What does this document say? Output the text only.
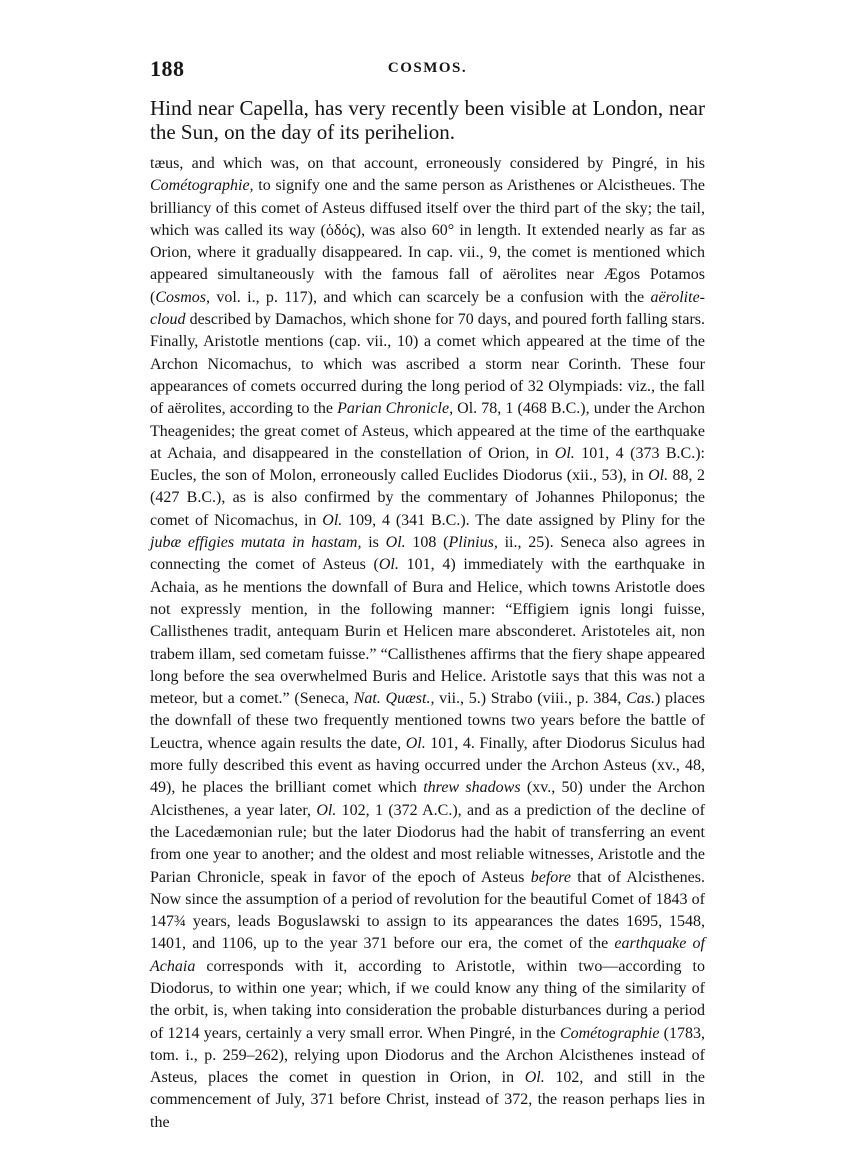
188	COSMOS.

Hind near Capella, has very recently been visible at London, near the Sun, on the day of its perihelion.

tæus, and which was, on that account, erroneously considered by Pingré, in his Cométographie, to signify one and the same person as Aristhenes or Alcistheues. The brilliancy of this comet of Asteus diffused itself over the third part of the sky; the tail, which was called its way (ὁδός), was also 60° in length. It extended nearly as far as Orion, where it gradually disappeared. In cap. vii., 9, the comet is mentioned which appeared simultaneously with the famous fall of aërolites near Ægos Potamos (Cosmos, vol. i., p. 117), and which can scarcely be a confusion with the aërolite-cloud described by Damachos, which shone for 70 days, and poured forth falling stars. Finally, Aristotle mentions (cap. vii., 10) a comet which appeared at the time of the Archon Nicomachus, to which was ascribed a storm near Corinth. These four appearances of comets occurred during the long period of 32 Olympiads: viz., the fall of aërolites, according to the Parian Chronicle, Ol. 78, 1 (468 B.C.), under the Archon Theagenides; the great comet of Asteus, which appeared at the time of the earthquake at Achaia, and disappeared in the constellation of Orion, in Ol. 101, 4 (373 B.C.): Eucles, the son of Molon, erroneously called Euclides Diodorus (xii., 53), in Ol. 88, 2 (427 B.C.), as is also confirmed by the commentary of Johannes Philoponus; the comet of Nicomachus, in Ol. 109, 4 (341 B.C.). The date assigned by Pliny for the jubæ effigies mutata in hastam, is Ol. 108 (Plinius, ii., 25). Seneca also agrees in connecting the comet of Asteus (Ol. 101, 4) immediately with the earthquake in Achaia, as he mentions the downfall of Bura and Helice, which towns Aristotle does not expressly mention, in the following manner: “Effigiem ignis longi fuisse, Callisthenes tradit, antequam Burin et Helicen mare absconderet. Aristoteles ait, non trabem illam, sed cometam fuisse.” “Callisthenes affirms that the fiery shape appeared long before the sea overwhelmed Buris and Helice. Aristotle says that this was not a meteor, but a comet.” (Seneca, Nat. Quæst., vii., 5.) Strabo (viii., p. 384, Cas.) places the downfall of these two frequently mentioned towns two years before the battle of Leuctra, whence again results the date, Ol. 101, 4. Finally, after Diodorus Siculus had more fully described this event as having occurred under the Archon Asteus (xv., 48, 49), he places the brilliant comet which threw shadows (xv., 50) under the Archon Alcisthenes, a year later, Ol. 102, 1 (372 A.C.), and as a prediction of the decline of the Lacedæmonian rule; but the later Diodorus had the habit of transferring an event from one year to another; and the oldest and most reliable witnesses, Aristotle and the Parian Chronicle, speak in favor of the epoch of Asteus before that of Alcisthenes. Now since the assumption of a period of revolution for the beautiful Comet of 1843 of 147¾ years, leads Boguslawski to assign to its appearances the dates 1695, 1548, 1401, and 1106, up to the year 371 before our era, the comet of the earthquake of Achaia corresponds with it, according to Aristotle, within two—according to Diodorus, to within one year; which, if we could know any thing of the similarity of the orbit, is, when taking into consideration the probable disturbances during a period of 1214 years, certainly a very small error. When Pingré, in the Cométographie (1783, tom. i., p. 259–262), relying upon Diodorus and the Archon Alcisthenes instead of Asteus, places the comet in question in Orion, in Ol. 102, and still in the commencement of July, 371 before Christ, instead of 372, the reason perhaps lies in the
